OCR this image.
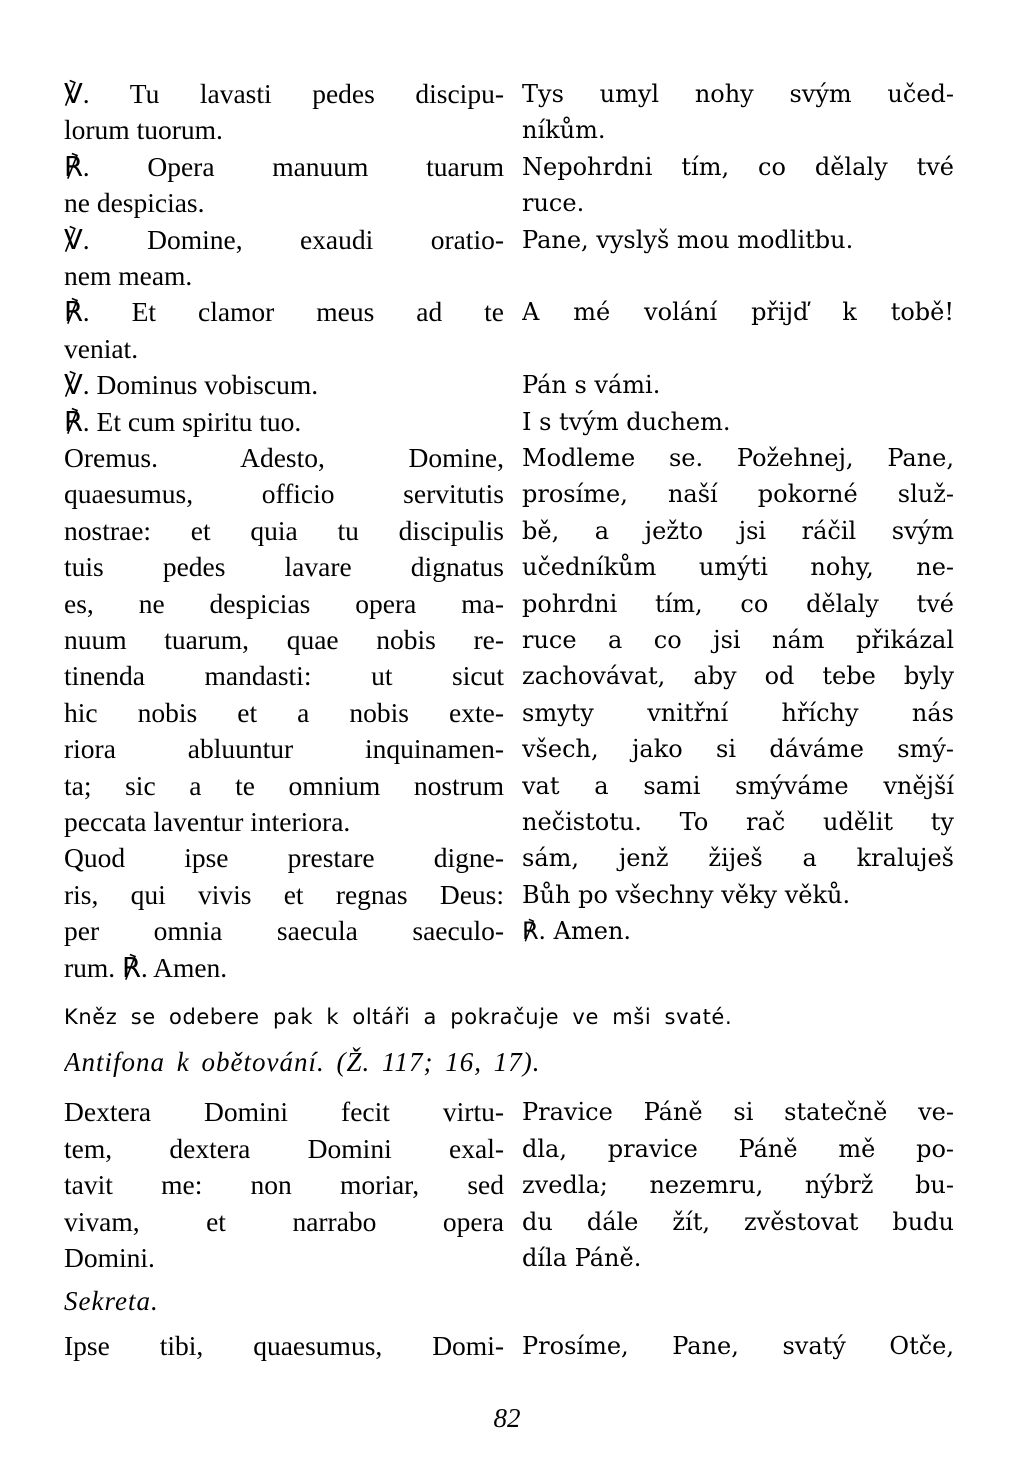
℣. Tu lavasti pedes discipu-
lorum tuorum.
℟. Opera manuum tuarum
ne despicias.
℣. Domine, exaudi oratio-
nem meam.
℟. Et clamor meus ad te
veniat.
℣. Dominus vobiscum.
℟. Et cum spiritu tuo.
Oremus. Adesto, Domine,
quaesumus, officio servitutis
nostrae: et quia tu discipulis
tuis pedes lavare dignatus
es, ne despicias opera ma-
nuum tuarum, quae nobis re-
tinenda mandasti: ut sicut
hic nobis et a nobis exte-
riora abluuntur inquinamen-
ta; sic a te omnium nostrum
peccata laventur interiora.
Quod ipse prestare digne-
ris, qui vivis et regnas Deus:
per omnia saecula saeculo-
rum. ℟. Amen.
Tys umyl nohy svým učed-
níkům.
Nepohrdni tím, co dělaly tvé
ruce.
Pane, vyslyš mou modlitbu.
A mé volání přijď k tobě!
Pán s vámi.
I s tvým duchem.
Modleme se. Požehnej, Pane,
prosíme, naší pokorné služ-
bě, a ježto jsi ráčil svým
učedníkům umýti nohy, ne-
pohrdni tím, co dělaly tvé
ruce a co jsi nám přikázal
zachovávat, aby od tebe byly
smyty vnitřní hříchy nás
všech, jako si dáváme smý-
vat a sami smýváme vnější
nečistotu. To rač udělit ty
sám, jenž žiješ a kraluješ
Bůh po všechny věky věků.
℟. Amen.
Kněz se odebere pak k oltáři a pokračuje ve mši svaté.
Antifona k obětování. (Ž. 117; 16, 17).
Dextera Domini fecit virtu-
tem, dextera Domini exal-
tavit me: non moriar, sed
vivam, et narrabo opera
Domini.
Pravice Páně si statečně ve-
dla, pravice Páně mě po-
zvedla; nezemru, nýbrž bu-
du dále žít, zvěstovat budu
díla Páně.
Sekreta.
Ipse tibi, quaesumus, Domi- Prosíme, Pane, svatý Otče,
82
